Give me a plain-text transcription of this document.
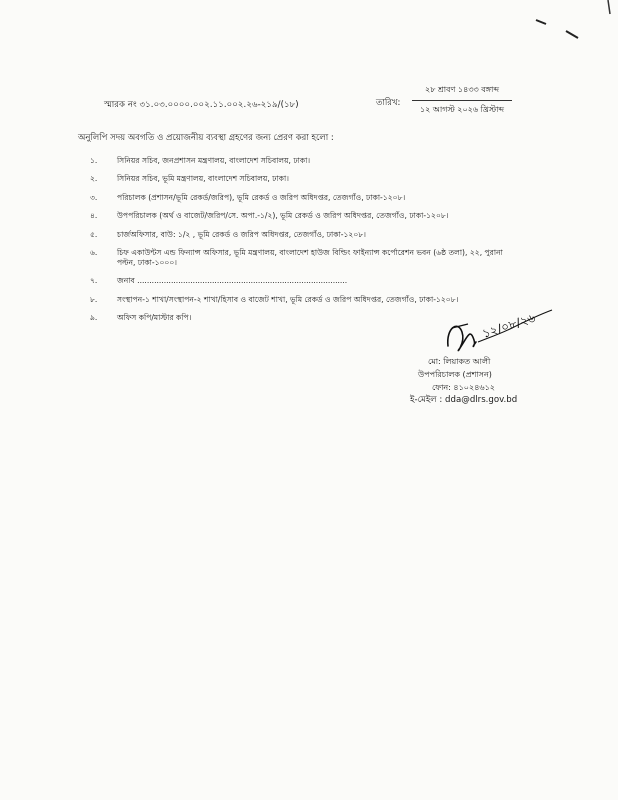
স্মারক নং ৩১.০৩.০০০০.০০২.১১.০০২.২৬-২১৯/(১৮)	তারিখ:
২৮ শ্রাবণ ১৪৩৩ বঙ্গাব্দ
১২ আগস্ট ২০২৬ খ্রিস্টাব্দ
অনুলিপি সদয় অবগতি ও প্রয়োজনীয় ব্যবস্থা গ্রহণের জন্য প্রেরণ করা হলো :
১.	সিনিয়র সচিব, জনপ্রশাসন মন্ত্রণালয়, বাংলাদেশ সচিবালয়, ঢাকা।
২.	সিনিয়র সচিব, ভূমি মন্ত্রণালয়, বাংলাদেশ সচিবালয়, ঢাকা।
৩.	পরিচালক (প্রশাসন/ভূমি রেকর্ড/জরিপ), ভূমি রেকর্ড ও জরিপ অধিদপ্তর, তেজগাঁও, ঢাকা-১২০৮।
৪.	উপপরিচালক (অর্থ ও বাজেট/জরিপ/সে. অপা.-১/২), ভূমি রেকর্ড ও জরিপ অধিদপ্তর, তেজগাঁও, ঢাকা-১২০৮।
৫.	চার্জঅফিসার, বাউ: ১/২ , ভূমি রেকর্ড ও জরিপ অধিদপ্তর, তেজগাঁও, ঢাকা-১২০৮।
৬.	চিফ একাউন্টস এন্ড ফিন্যান্স অফিসার, ভূমি মন্ত্রণালয়, বাংলাদেশ হাউজ বিল্ডিং ফাইন্যান্স কর্পোরেশন ভবন (৬ষ্ঠ তলা), ২২, পুরানা পল্টন, ঢাকা-১০০০।
৭.	জনাব .......................................................................................
৮.	সংস্থাপন-১ শাখা/সংস্থাপন-২ শাখা/হিসাব ও বাজেট শাখা, ভূমি রেকর্ড ও জরিপ অধিদপ্তর, তেজগাঁও, ঢাকা-১২০৮।
৯.	অফিস কপি/মাস্টার কপি।	১২/০৮/২৬
মো: লিয়াকত আলী
উপপরিচালক (প্রশাসন)
ফোন: ৪১০২৪৬১২
ই-মেইল : dda@dlrs.gov.bd
